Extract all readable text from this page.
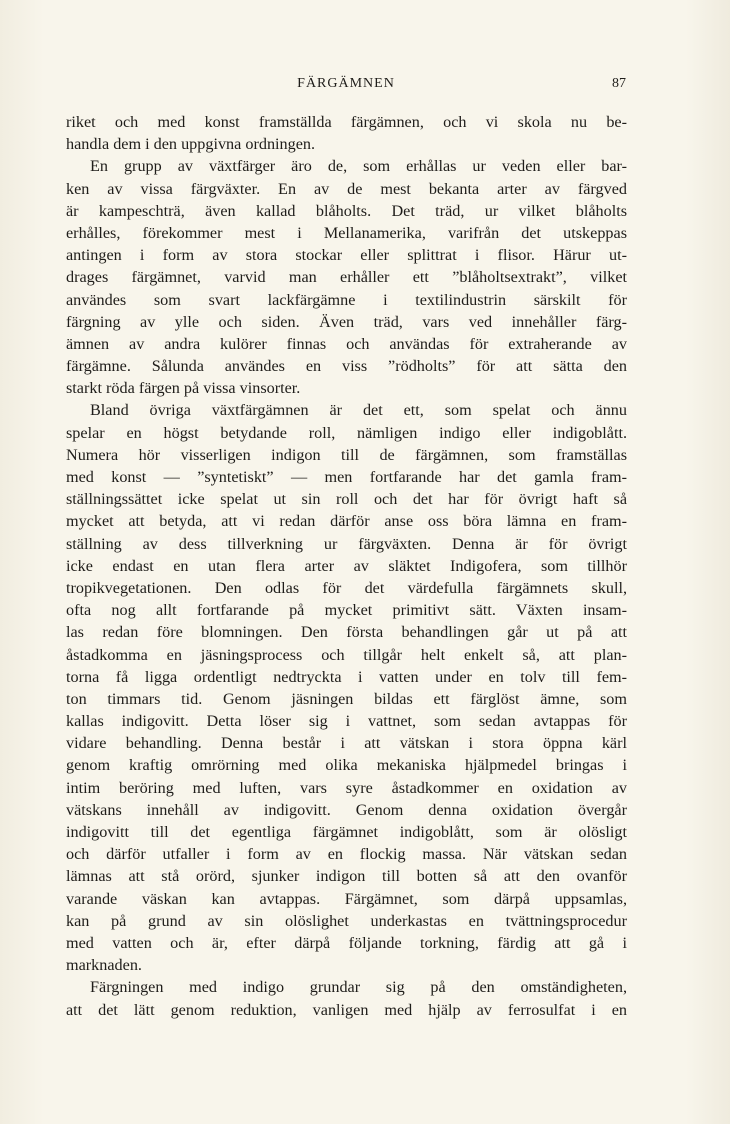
FÄRGÄMNEN	87
riket och med konst framställda färgämnen, och vi skola nu be-
handla dem i den uppgivna ordningen.
En grupp av växtfärger äro de, som erhållas ur veden eller bar-
ken av vissa färgväxter. En av de mest bekanta arter av färgved
är kampeschträ, även kallad blåholts. Det träd, ur vilket blåholts
erhålles, förekommer mest i Mellanamerika, varifrån det utskeppas
antingen i form av stora stockar eller splittrat i flisor. Härur ut-
drages färgämnet, varvid man erhåller ett ”blåholtsextrakt”, vilket
användes som svart lackfärgämne i textilindustrin särskilt för
färgning av ylle och siden. Även träd, vars ved innehåller färg-
ämnen av andra kulörer finnas och användas för extraherande av
färgämne. Sålunda användes en viss ”rödholts” för att sätta den
starkt röda färgen på vissa vinsorter.
Bland övriga växtfärgämnen är det ett, som spelat och ännu
spelar en högst betydande roll, nämligen indigo eller indigoblått.
Numera hör visserligen indigon till de färgämnen, som framställas
med konst — ”syntetiskt” — men fortfarande har det gamla fram-
ställningssättet icke spelat ut sin roll och det har för övrigt haft så
mycket att betyda, att vi redan därför anse oss böra lämna en fram-
ställning av dess tillverkning ur färgväxten. Denna är för övrigt
icke endast en utan flera arter av släktet Indigofera, som tillhör
tropikvegetationen. Den odlas för det värdefulla färgämnets skull,
ofta nog allt fortfarande på mycket primitivt sätt. Växten insam-
las redan före blomningen. Den första behandlingen går ut på att
åstadkomma en jäsningsprocess och tillgår helt enkelt så, att plan-
torna få ligga ordentligt nedtryckta i vatten under en tolv till fem-
ton timmars tid. Genom jäsningen bildas ett färglöst ämne, som
kallas indigovitt. Detta löser sig i vattnet, som sedan avtappas för
vidare behandling. Denna består i att vätskan i stora öppna kärl
genom kraftig omrörning med olika mekaniska hjälpmedel bringas i
intim beröring med luften, vars syre åstadkommer en oxidation av
vätskans innehåll av indigovitt. Genom denna oxidation övergår
indigovitt till det egentliga färgämnet indigoblått, som är olösligt
och därför utfaller i form av en flockig massa. När vätskan sedan
lämnas att stå orörd, sjunker indigon till botten så att den ovanför
varande väskan kan avtappas. Färgämnet, som därpå uppsamlas,
kan på grund av sin olöslighet underkastas en tvättningsprocedur
med vatten och är, efter därpå följande torkning, färdig att gå i
marknaden.
Färgningen med indigo grundar sig på den omständigheten,
att det lätt genom reduktion, vanligen med hjälp av ferrosulfat i en
